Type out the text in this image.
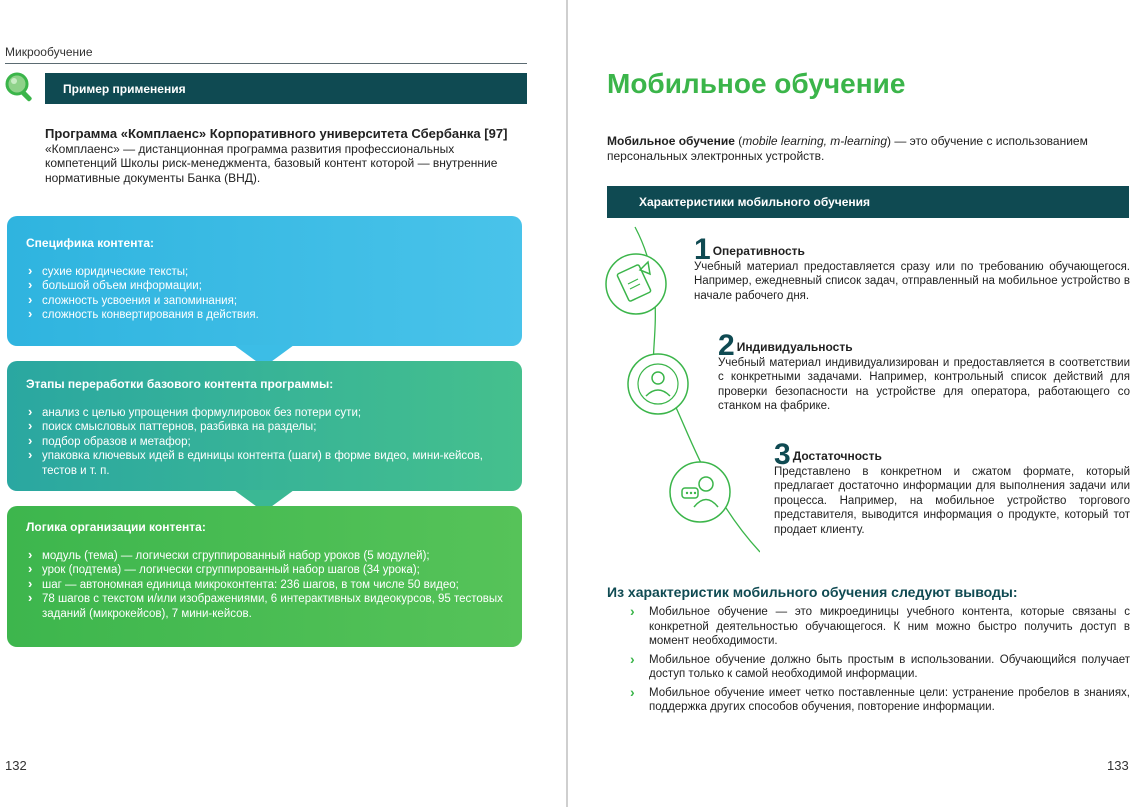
Микрообучение
Пример применения
Программа «Комплаенс» Корпоративного университета Сбербанка [97]
«Комплаенс» — дистанционная программа развития профессиональных компетенций Школы риск-менеджмента, базовый контент которой — внутренние нормативные документы Банка (ВНД).
Специфика контента:
› сухие юридические тексты;
› большой объем информации;
› сложность усвоения и запоминания;
› сложность конвертирования в действия.
Этапы переработки базового контента программы:
› анализ с целью упрощения формулировок без потери сути;
› поиск смысловых паттернов, разбивка на разделы;
› подбор образов и метафор;
› упаковка ключевых идей в единицы контента (шаги) в форме видео, мини-кейсов, тестов и т. п.
Логика организации контента:
› модуль (тема) — логически сгруппированный набор уроков (5 модулей);
› урок (подтема) — логически сгруппированный набор шагов (34 урока);
› шаг — автономная единица микроконтента: 236 шагов, в том числе 50 видео;
› 78 шагов с текстом и/или изображениями, 6 интерактивных видеокурсов, 95 тестовых заданий (микрокейсов), 7 мини-кейсов.
132
Мобильное обучение
Мобильное обучение (mobile learning, m-learning) — это обучение с использованием персональных электронных устройств.
Характеристики мобильного обучения
1 Оперативность
Учебный материал предоставляется сразу или по требованию обучающегося. Например, ежедневный список задач, отправленный на мобильное устройство в начале рабочего дня.
2 Индивидуальность
Учебный материал индивидуализирован и предоставляется в соответствии с конкретными задачами. Например, контрольный список действий для проверки безопасности на устройстве для оператора, работающего со станком на фабрике.
3 Достаточность
Представлено в конкретном и сжатом формате, который предлагает достаточно информации для выполнения задачи или процесса. Например, на мобильное устройство торгового представителя, выводится информация о продукте, который тот продает клиенту.
Из характеристик мобильного обучения следуют выводы:
› Мобильное обучение — это микроединицы учебного контента, которые связаны с конкретной деятельностью обучающегося. К ним можно быстро получить доступ в момент необходимости.
› Мобильное обучение должно быть простым в использовании. Обучающийся получает доступ только к самой необходимой информации.
› Мобильное обучение имеет четко поставленные цели: устранение пробелов в знаниях, поддержка других способов обучения, повторение информации.
133
